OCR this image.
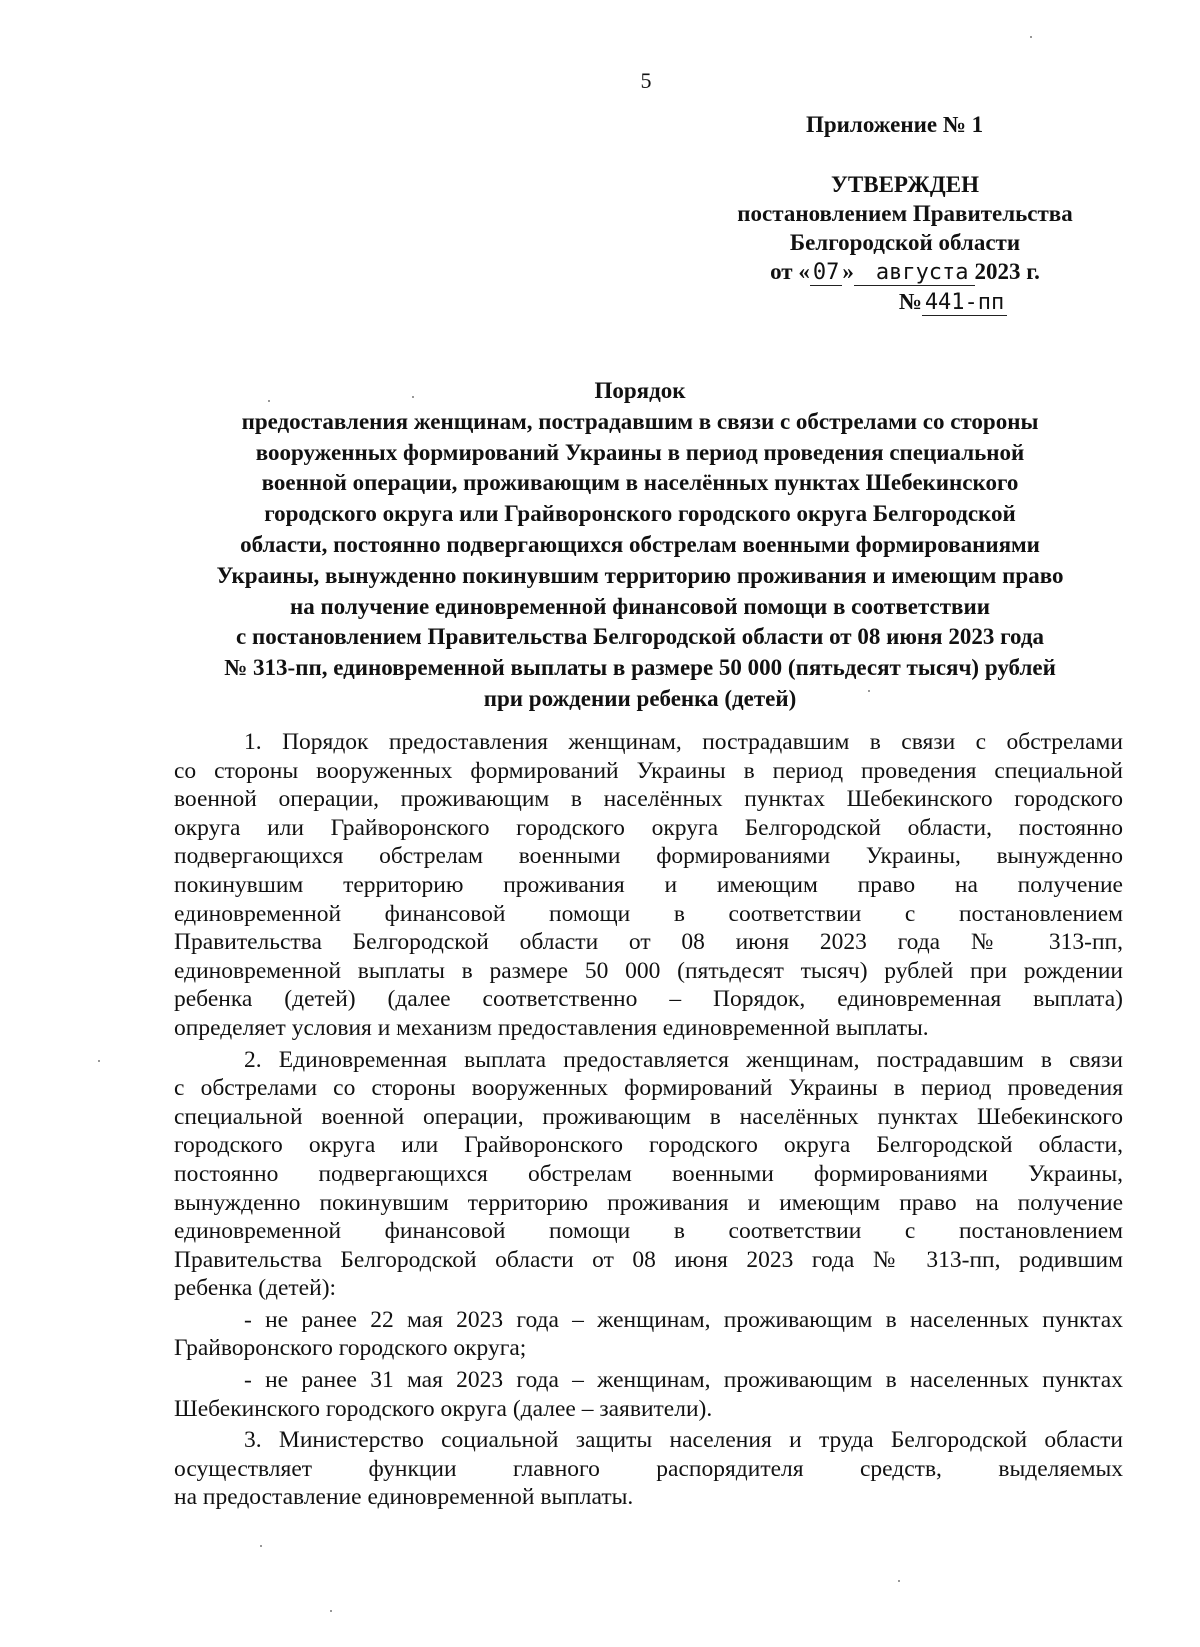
5
Приложение № 1
УТВЕРЖДЕН
постановлением Правительства
Белгородской области
от « 07 » августа 2023 г.
№ 441-пп
Порядок
предоставления женщинам, пострадавшим в связи с обстрелами со стороны
вооруженных формирований Украины в период проведения специальной
военной операции, проживающим в населённых пунктах Шебекинского
городского округа или Грайворонского городского округа Белгородской
области, постоянно подвергающихся обстрелам военными формированиями
Украины, вынужденно покинувшим территорию проживания и имеющим право
на получение единовременной финансовой помощи в соответствии
с постановлением Правительства Белгородской области от 08 июня 2023 года
№ 313-пп, единовременной выплаты в размере 50 000 (пятьдесят тысяч) рублей
при рождении ребенка (детей)
1. Порядок предоставления женщинам, пострадавшим в связи с обстрелами
со стороны вооруженных формирований Украины в период проведения специальной
военной операции, проживающим в населённых пунктах Шебекинского городского
округа или Грайворонского городского округа Белгородской области, постоянно
подвергающихся обстрелам военными формированиями Украины, вынужденно
покинувшим территорию проживания и имеющим право на получение
единовременной финансовой помощи в соответствии с постановлением
Правительства Белгородской области от 08 июня 2023 года № 313-пп,
единовременной выплаты в размере 50 000 (пятьдесят тысяч) рублей при рождении
ребенка (детей) (далее соответственно – Порядок, единовременная выплата)
определяет условия и механизм предоставления единовременной выплаты.
2. Единовременная выплата предоставляется женщинам, пострадавшим в связи
с обстрелами со стороны вооруженных формирований Украины в период проведения
специальной военной операции, проживающим в населённых пунктах Шебекинского
городского округа или Грайворонского городского округа Белгородской области,
постоянно подвергающихся обстрелам военными формированиями Украины,
вынужденно покинувшим территорию проживания и имеющим право на получение
единовременной финансовой помощи в соответствии с постановлением
Правительства Белгородской области от 08 июня 2023 года № 313-пп, родившим
ребенка (детей):
- не ранее 22 мая 2023 года – женщинам, проживающим в населенных пунктах
Грайворонского городского округа;
- не ранее 31 мая 2023 года – женщинам, проживающим в населенных пунктах
Шебекинского городского округа (далее – заявители).
3. Министерство социальной защиты населения и труда Белгородской области
осуществляет функции главного распорядителя средств, выделяемых
на предоставление единовременной выплаты.
